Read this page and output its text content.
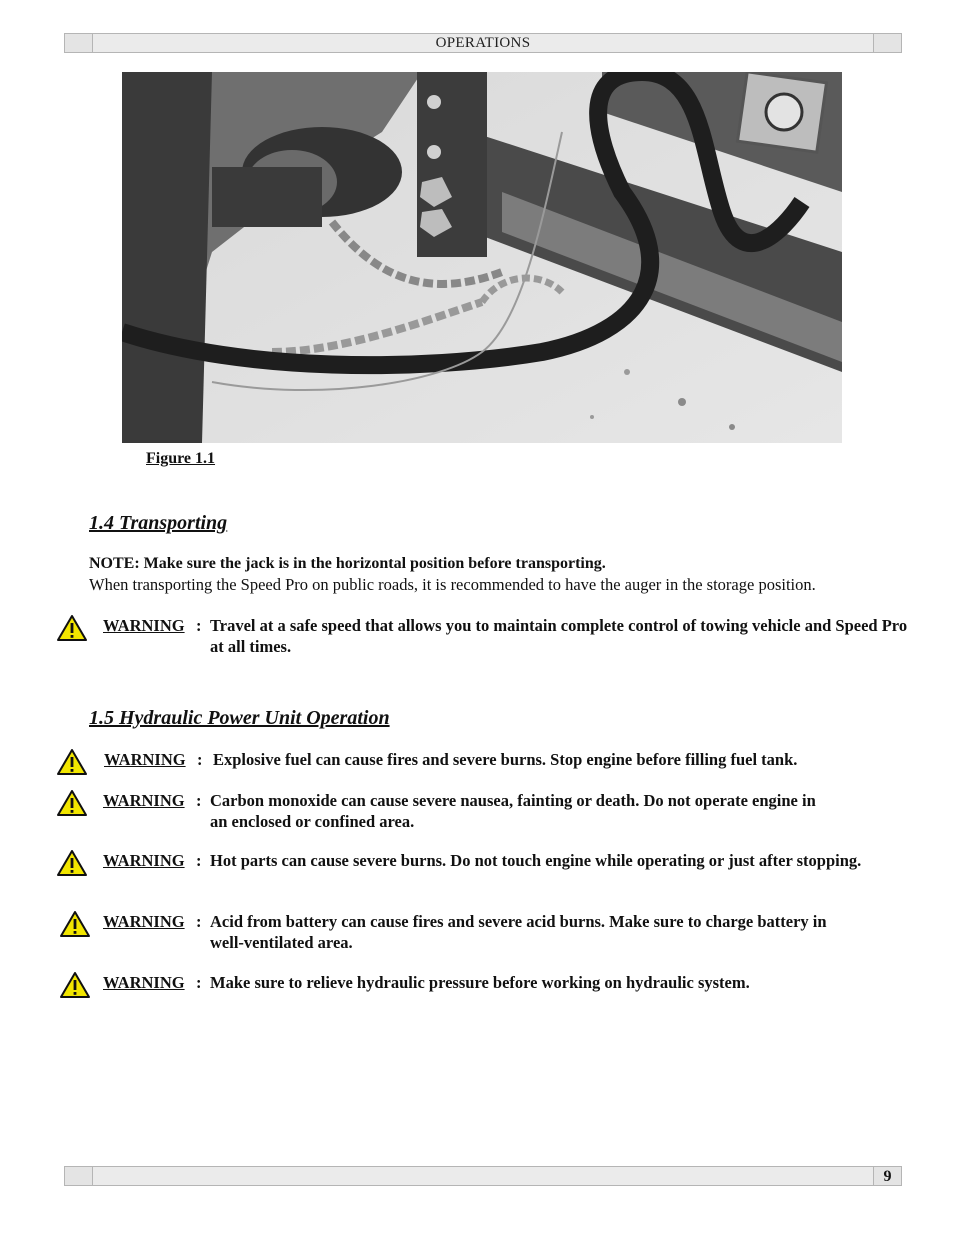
OPERATIONS
Figure 1.1
1.4 Transporting
NOTE: Make sure the jack is in the horizontal position before transporting.
When transporting the Speed Pro on public roads, it is recommended to have the auger in the storage position.
WARNING : Travel at a safe speed that allows you to maintain complete control of towing vehicle and Speed Pro at all times.
1.5 Hydraulic Power Unit Operation
WARNING : Explosive fuel can cause fires and severe burns. Stop engine before filling fuel tank.
WARNING : Carbon monoxide can cause severe nausea, fainting or death. Do not operate engine in an enclosed or confined area.
WARNING : Hot parts can cause severe burns. Do not touch engine while operating or just after stopping.
WARNING : Acid from battery can cause fires and severe acid burns. Make sure to charge battery in well-ventilated area.
WARNING : Make sure to relieve hydraulic pressure before working on hydraulic system.
9
